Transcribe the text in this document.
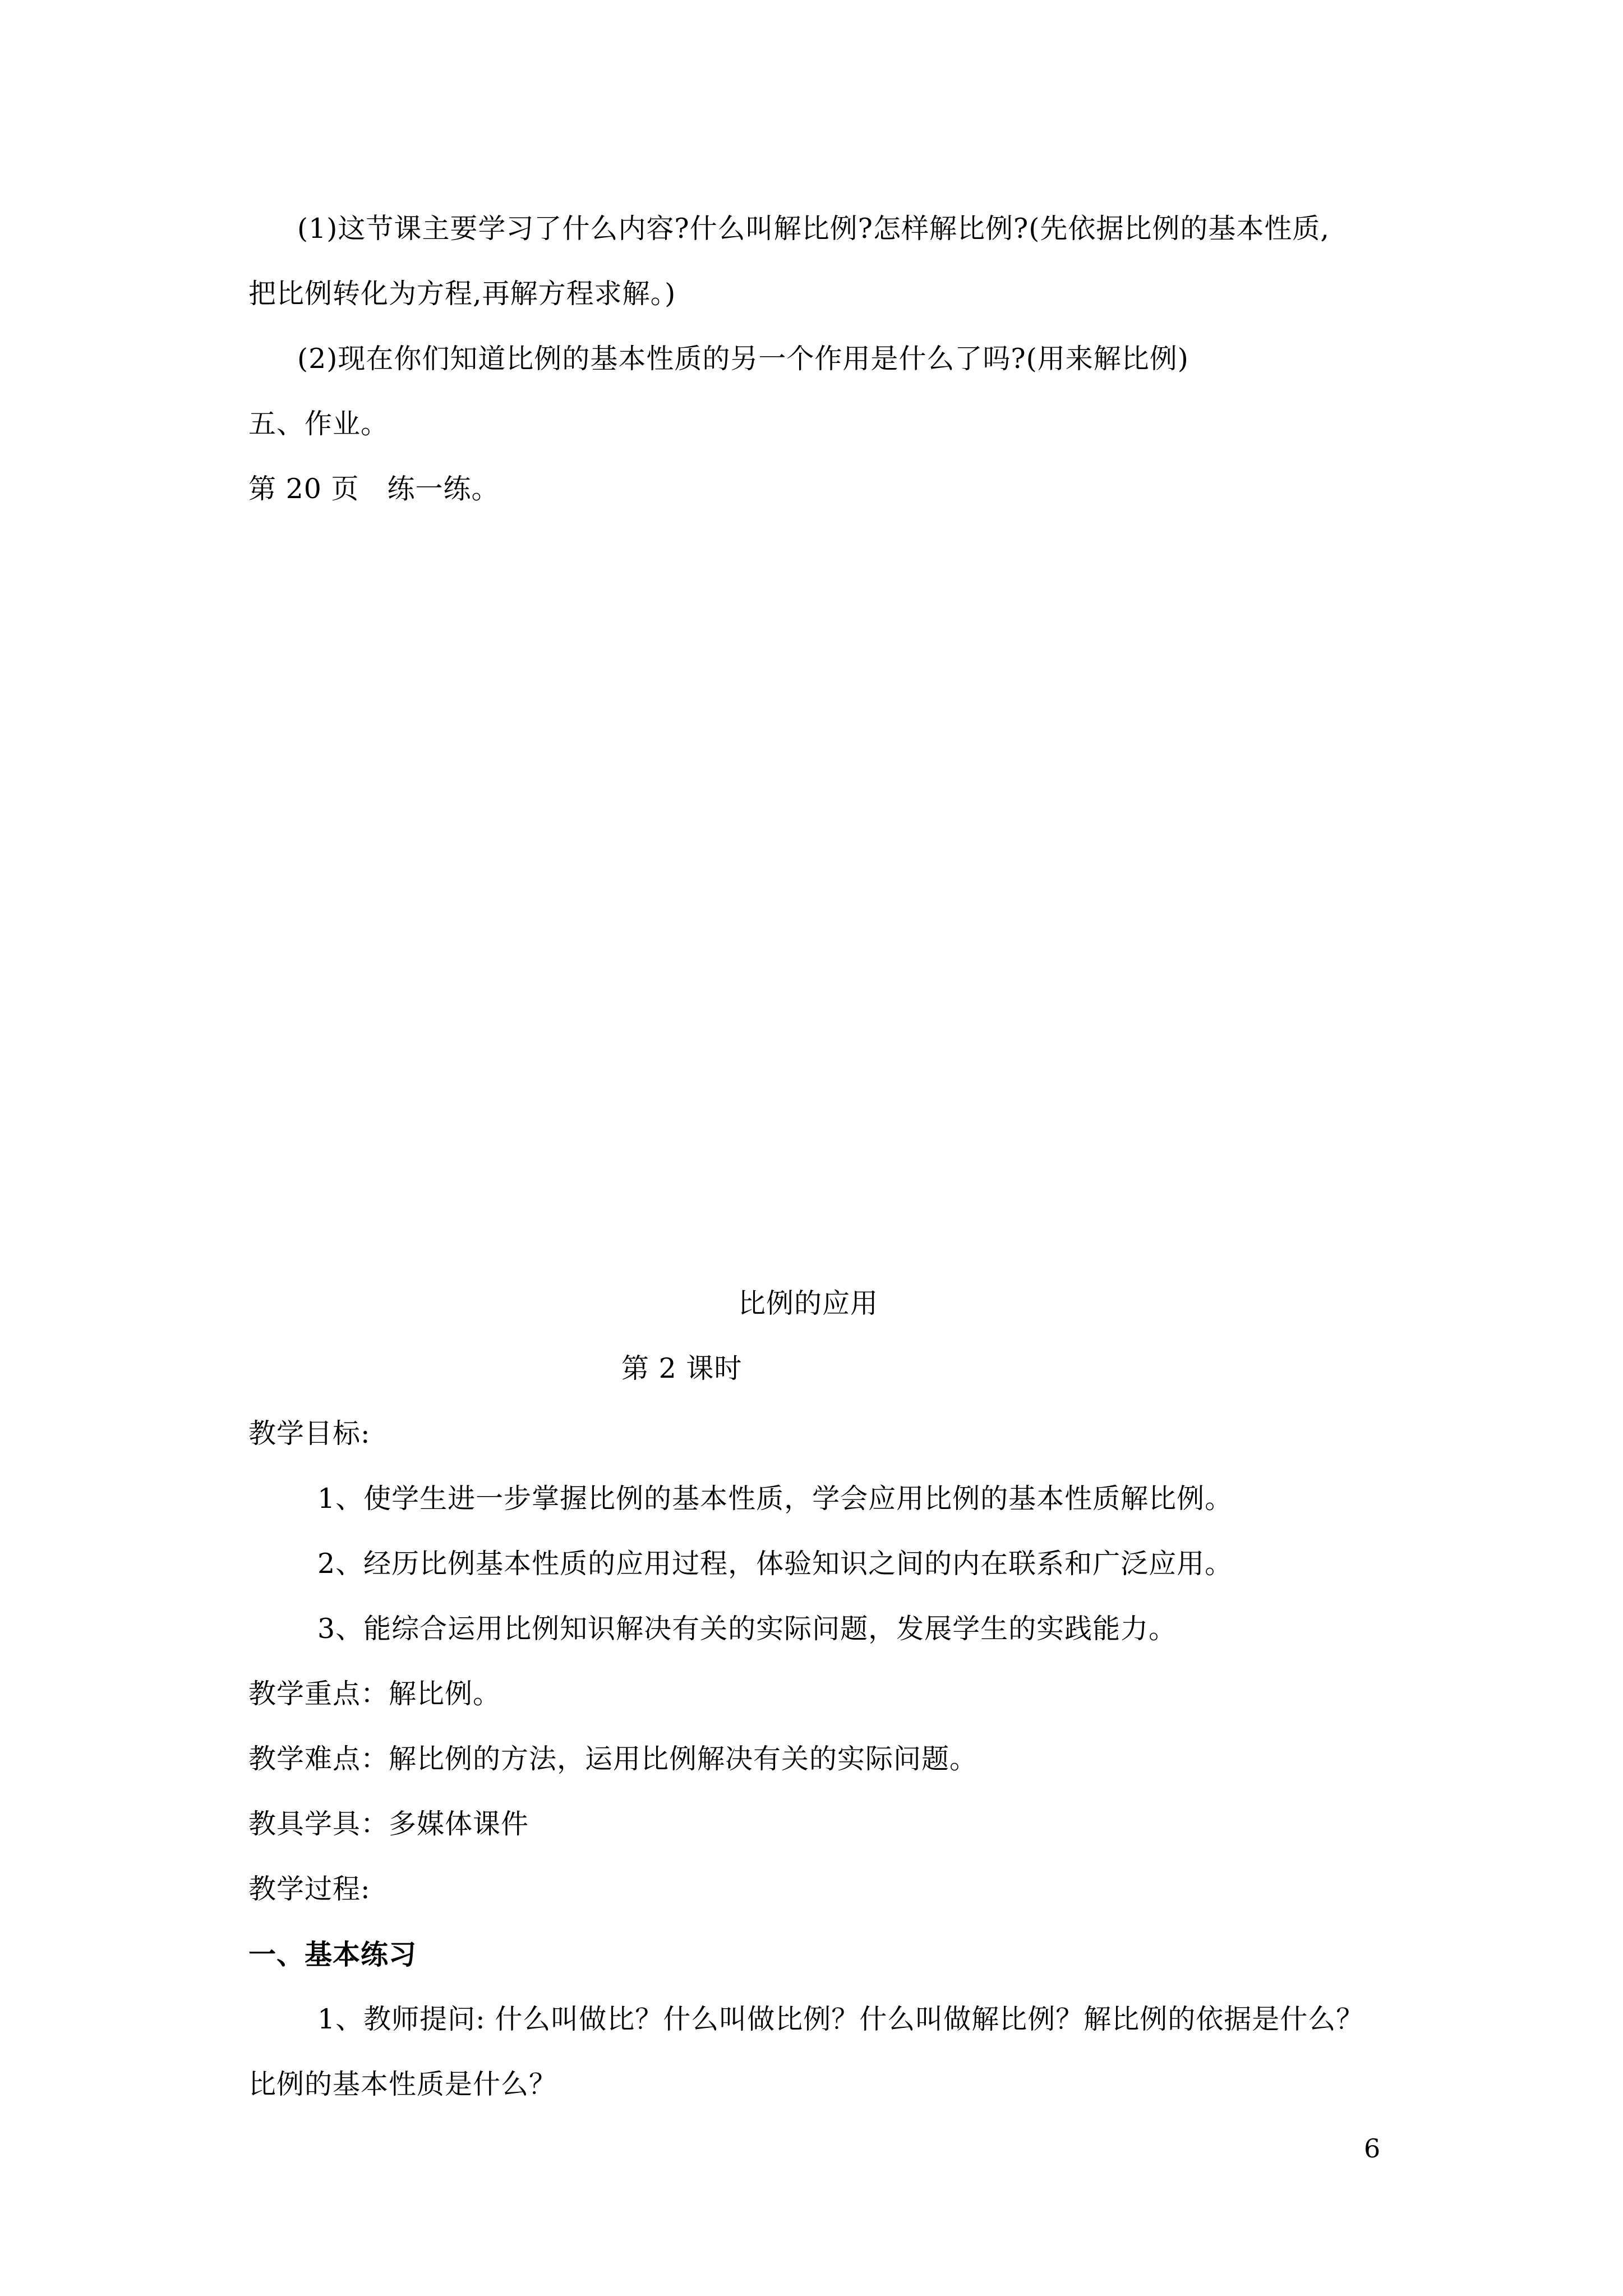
(1)这节课主要学习了什么内容?什么叫解比例?怎样解比例?(先依据比例的基本性质,
把比例转化为方程,再解方程求解。)
(2)现在你们知道比例的基本性质的另一个作用是什么了吗?(用来解比例)
五、作业。
第 20 页　练一练。
比例的应用
第 2 课时
教学目标:
1、使学生进一步掌握比例的基本性质，学会应用比例的基本性质解比例。
2、经历比例基本性质的应用过程，体验知识之间的内在联系和广泛应用。
3、能综合运用比例知识解决有关的实际问题，发展学生的实践能力。
教学重点：解比例。
教学难点：解比例的方法，运用比例解决有关的实际问题。
教具学具：多媒体课件
教学过程:
一、基本练习
1、教师提问: 什么叫做比？什么叫做比例？什么叫做解比例？解比例的依据是什么？
比例的基本性质是什么？
6
